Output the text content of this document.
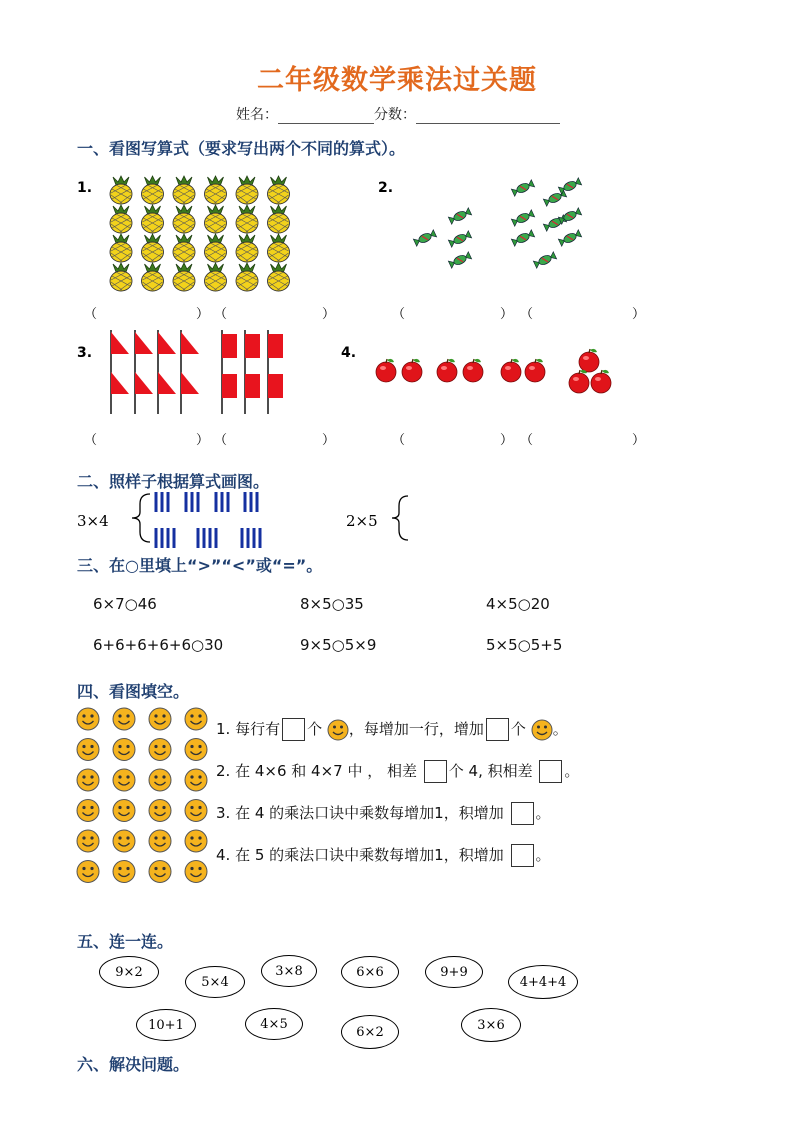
二年级数学乘法过关题
姓名：	分数：
一、看图写算式（要求写出两个不同的算式）。
1.	2.
3.	4.
（	） （	）	（	） （	）
（	） （	）	（	） （	）
二、照样子根据算式画图。
3×4	2×5
三、在○里填上“>”“<”或“=”。
6×7○46	8×5○35	4×5○20
6+6+6+6+6○30	9×5○5×9	5×5○5+5
四、看图填空。
1. 每行有 个 ，每增加一行，增加 个 。
2. 在 4×6 和 4×7 中 ， 相差 个 4, 积相差 。
3. 在 4 的乘法口诀中乘数每增加1，积增加 。
4. 在 5 的乘法口诀中乘数每增加1，积增加 。
五、连一连。
9×2
5×4
3×8	6×6	9+9
4+4+4
10+1	4×5
6×2	3×6
六、解决问题。
